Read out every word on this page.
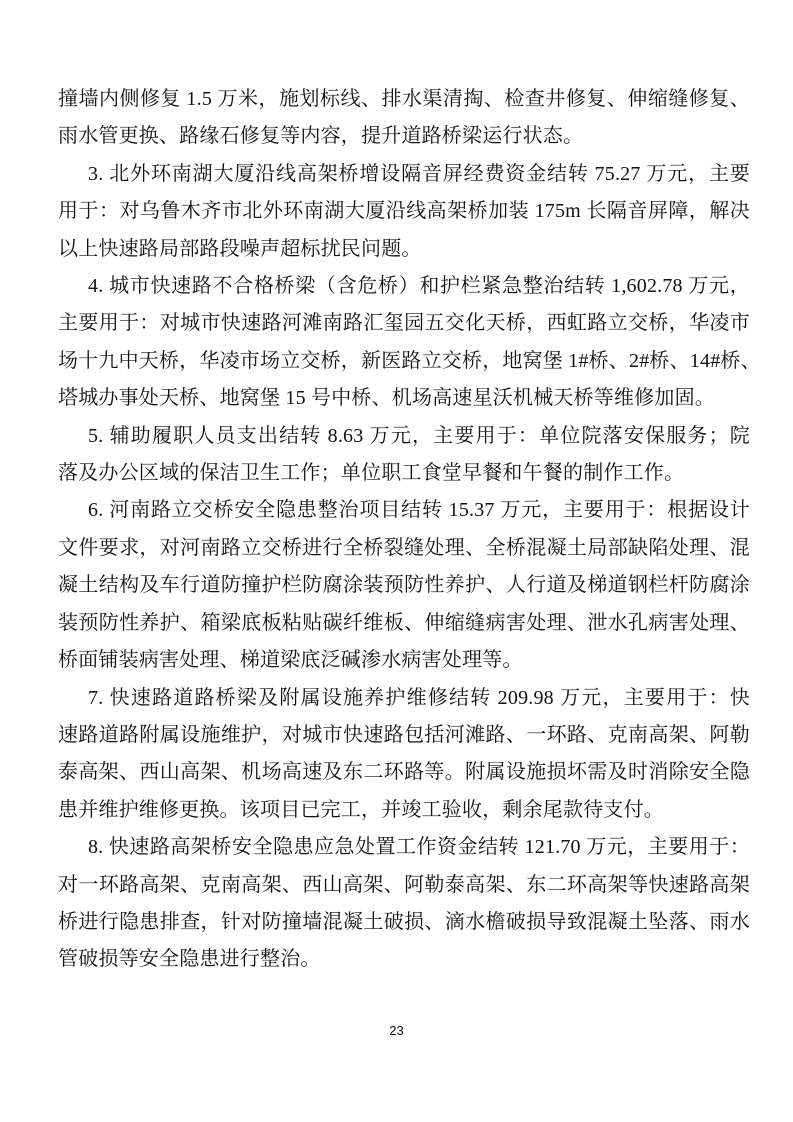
撞墙内侧修复 1.5 万米，施划标线、排水渠清掏、检查井修复、伸缩缝修复、
雨水管更换、路缘石修复等内容，提升道路桥梁运行状态。
3. 北外环南湖大厦沿线高架桥增设隔音屏经费资金结转 75.27 万元，主要
用于：对乌鲁木齐市北外环南湖大厦沿线高架桥加装 175m 长隔音屏障，解决
以上快速路局部路段噪声超标扰民问题。
4. 城市快速路不合格桥梁（含危桥）和护栏紧急整治结转 1,602.78 万元，
主要用于：对城市快速路河滩南路汇玺园五交化天桥，西虹路立交桥，华凌市
场十九中天桥，华凌市场立交桥，新医路立交桥，地窝堡 1#桥、2#桥、14#桥、
塔城办事处天桥、地窝堡 15 号中桥、机场高速星沃机械天桥等维修加固。
5. 辅助履职人员支出结转 8.63 万元，主要用于：单位院落安保服务；院
落及办公区域的保洁卫生工作；单位职工食堂早餐和午餐的制作工作。
6. 河南路立交桥安全隐患整治项目结转 15.37 万元，主要用于：根据设计
文件要求，对河南路立交桥进行全桥裂缝处理、全桥混凝土局部缺陷处理、混
凝土结构及车行道防撞护栏防腐涂装预防性养护、人行道及梯道钢栏杆防腐涂
装预防性养护、箱梁底板粘贴碳纤维板、伸缩缝病害处理、泄水孔病害处理、
桥面铺装病害处理、梯道梁底泛碱渗水病害处理等。
7. 快速路道路桥梁及附属设施养护维修结转 209.98 万元，主要用于：快
速路道路附属设施维护，对城市快速路包括河滩路、一环路、克南高架、阿勒
泰高架、西山高架、机场高速及东二环路等。附属设施损坏需及时消除安全隐
患并维护维修更换。该项目已完工，并竣工验收，剩余尾款待支付。
8. 快速路高架桥安全隐患应急处置工作资金结转 121.70 万元，主要用于：
对一环路高架、克南高架、西山高架、阿勒泰高架、东二环高架等快速路高架
桥进行隐患排查，针对防撞墙混凝土破损、滴水檐破损导致混凝土坠落、雨水
管破损等安全隐患进行整治。
23
